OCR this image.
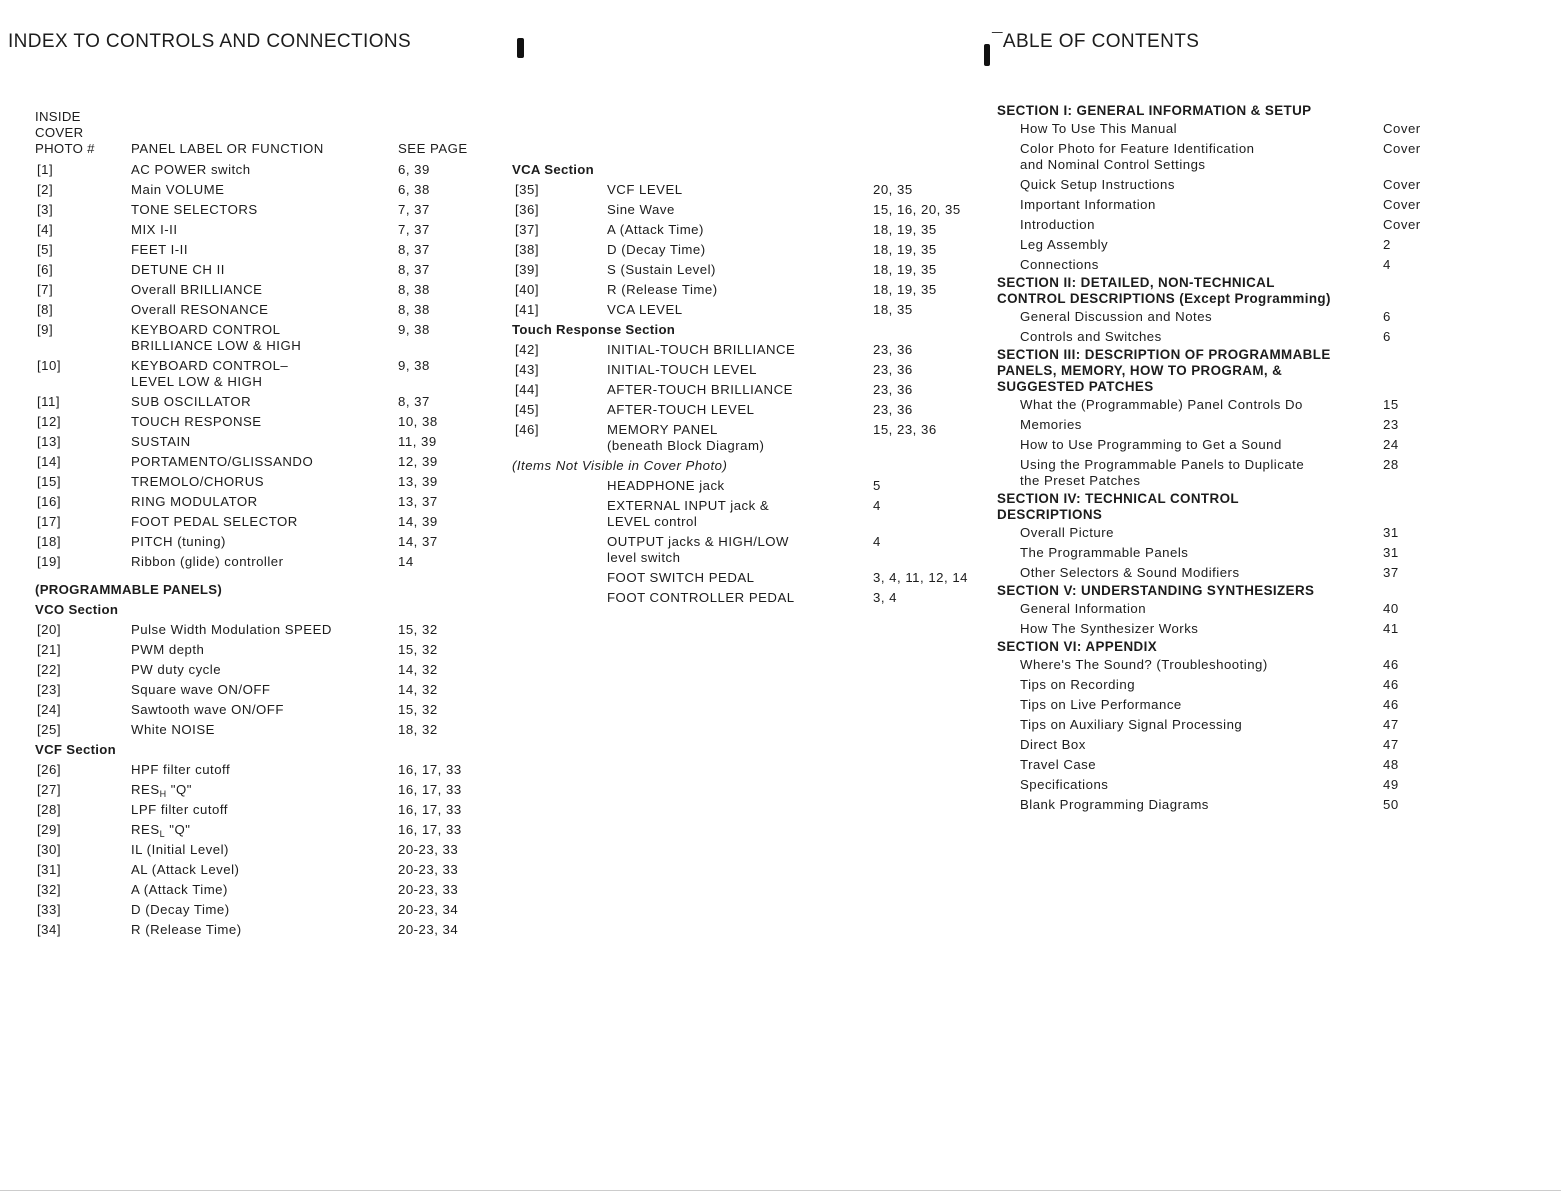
INDEX TO CONTROLS AND CONNECTIONS	¯ABLE OF CONTENTS
INSIDE
COVER
PHOTO #	PANEL LABEL OR FUNCTION	SEE PAGE
[1]	AC POWER switch	6, 39
[2]	Main VOLUME	6, 38
[3]	TONE SELECTORS	7, 37
[4]	MIX I-II	7, 37
[5]	FEET I-II	8, 37
[6]	DETUNE CH II	8, 37
[7]	Overall BRILLIANCE	8, 38
[8]	Overall RESONANCE	8, 38
[9]	KEYBOARD CONTROL
BRILLIANCE LOW & HIGH
9, 38
[10]	KEYBOARD CONTROL–
LEVEL LOW & HIGH
9, 38
[11]	SUB OSCILLATOR	8, 37
[12]	TOUCH RESPONSE	10, 38
[13]	SUSTAIN	11, 39
[14]	PORTAMENTO/GLISSANDO	12, 39
[15]	TREMOLO/CHORUS	13, 39
[16]	RING MODULATOR	13, 37
[17]	FOOT PEDAL SELECTOR	14, 39
[18]	PITCH (tuning)	14, 37
[19]	Ribbon (glide) controller	14
(PROGRAMMABLE PANELS)
VCO Section
[20]	Pulse Width Modulation SPEED	15, 32
[21]	PWM depth	15, 32
[22]	PW duty cycle	14, 32
[23]	Square wave ON/OFF	14, 32
[24]	Sawtooth wave ON/OFF	15, 32
[25]	White NOISE	18, 32
VCF Section
[26]	HPF filter cutoff	16, 17, 33
[27]	$RES_H$ "Q"	16, 17, 33
[28]	LPF filter cutoff	16, 17, 33
[29]	$RES_L$ "Q"	16, 17, 33
[30]	IL (Initial Level)	20-23, 33
[31]	AL (Attack Level)	20-23, 33
[32]	A (Attack Time)	20-23, 33
[33]	D (Decay Time)	20-23, 34
[34]	R (Release Time)	20-23, 34
VCA Section
[35]	VCF LEVEL	20, 35
[36]	Sine Wave	15, 16, 20, 35
[37]	A (Attack Time)	18, 19, 35
[38]	D (Decay Time)	18, 19, 35
[39]	S (Sustain Level)	18, 19, 35
[40]	R (Release Time)	18, 19, 35
[41]	VCA LEVEL	18, 35
Touch Response Section
[42]	INITIAL-TOUCH BRILLIANCE	23, 36
[43]	INITIAL-TOUCH LEVEL	23, 36
[44]	AFTER-TOUCH BRILLIANCE	23, 36
[45]	AFTER-TOUCH LEVEL	23, 36
[46]	MEMORY PANEL
(beneath Block Diagram)
15, 23, 36
(Items Not Visible in Cover Photo)
HEADPHONE jack	5
EXTERNAL INPUT jack &
LEVEL control
4
OUTPUT jacks & HIGH/LOW
level switch
4
FOOT SWITCH PEDAL	3, 4, 11, 12, 14
FOOT CONTROLLER PEDAL	3, 4
SECTION I: GENERAL INFORMATION & SETUP
How To Use This Manual	Cover
Color Photo for Feature Identification
and Nominal Control Settings
Cover
Quick Setup Instructions	Cover
Important Information	Cover
Introduction	Cover
Leg Assembly	2
Connections	4
SECTION II: DETAILED, NON-TECHNICAL
CONTROL DESCRIPTIONS (Except Programming)
General Discussion and Notes	6
Controls and Switches	6
SECTION III: DESCRIPTION OF PROGRAMMABLE
PANELS, MEMORY, HOW TO PROGRAM, &
SUGGESTED PATCHES
What the (Programmable) Panel Controls Do	15
Memories	23
How to Use Programming to Get a Sound	24
Using the Programmable Panels to Duplicate
the Preset Patches
28
SECTION IV: TECHNICAL CONTROL
DESCRIPTIONS
Overall Picture	31
The Programmable Panels	31
Other Selectors & Sound Modifiers	37
SECTION V: UNDERSTANDING SYNTHESIZERS
General Information	40
How The Synthesizer Works	41
SECTION VI: APPENDIX
Where's The Sound? (Troubleshooting)	46
Tips on Recording	46
Tips on Live Performance	46
Tips on Auxiliary Signal Processing	47
Direct Box	47
Travel Case	48
Specifications	49
Blank Programming Diagrams	50
